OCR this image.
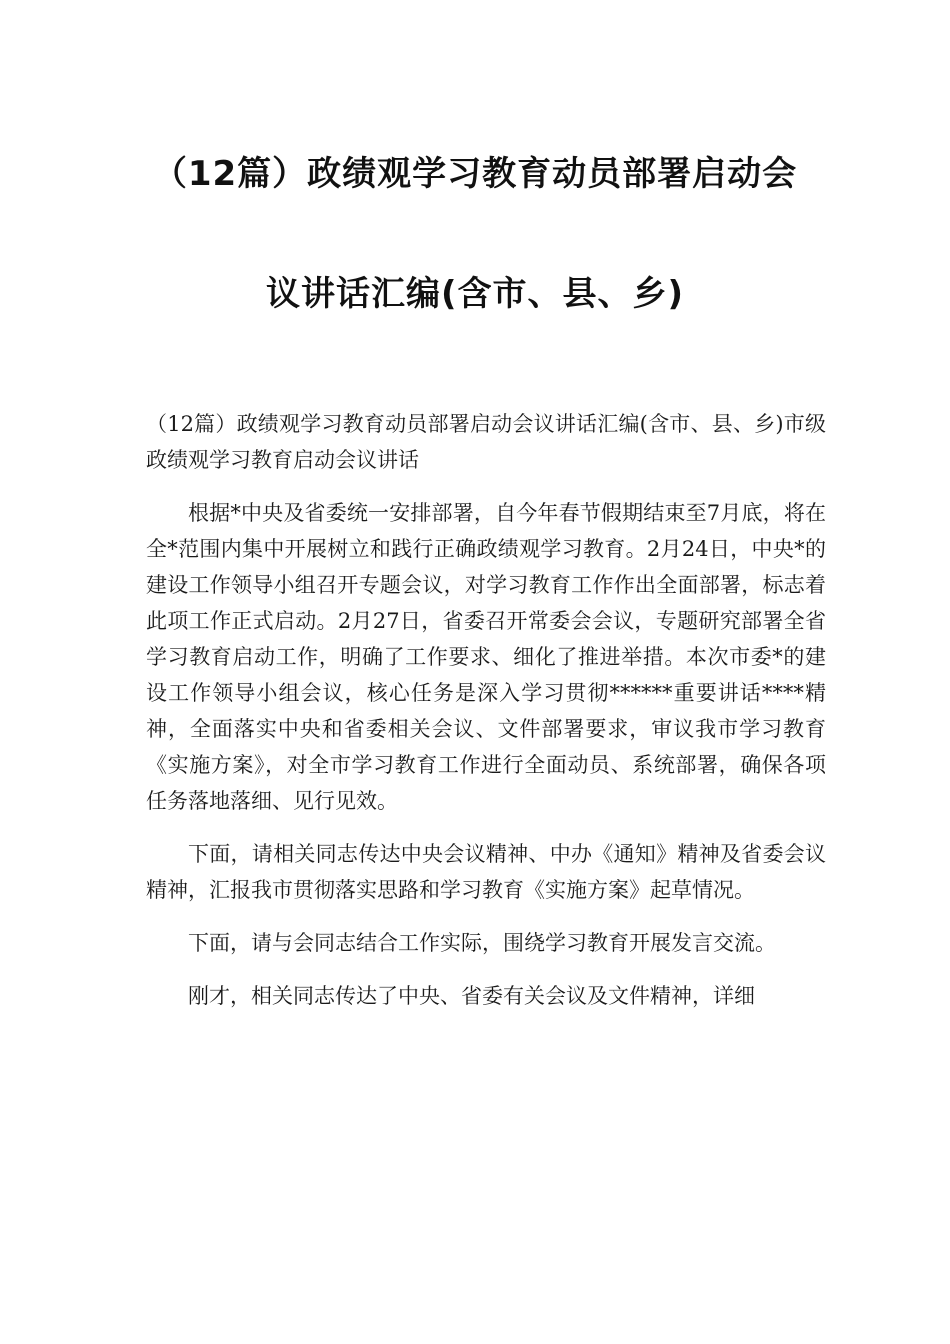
（12篇）政绩观学习教育动员部署启动会
议讲话汇编(含市、县、乡)

（12篇）政绩观学习教育动员部署启动会议讲话汇编(含市、县、乡)市级政绩观学习教育启动会议讲话

根据*中央及省委统一安排部署，自今年春节假期结束至7月底，将在全*范围内集中开展树立和践行正确政绩观学习教育。2月24日，中央*的建设工作领导小组召开专题会议，对学习教育工作作出全面部署，标志着此项工作正式启动。2月27日，省委召开常委会会议，专题研究部署全省学习教育启动工作，明确了工作要求、细化了推进举措。本次市委*的建设工作领导小组会议，核心任务是深入学习贯彻******重要讲话****精神，全面落实中央和省委相关会议、文件部署要求，审议我市学习教育《实施方案》，对全市学习教育工作进行全面动员、系统部署，确保各项任务落地落细、见行见效。

下面，请相关同志传达中央会议精神、中办《通知》精神及省委会议精神，汇报我市贯彻落实思路和学习教育《实施方案》起草情况。

下面，请与会同志结合工作实际，围绕学习教育开展发言交流。

刚才，相关同志传达了中央、省委有关会议及文件精神，详细
